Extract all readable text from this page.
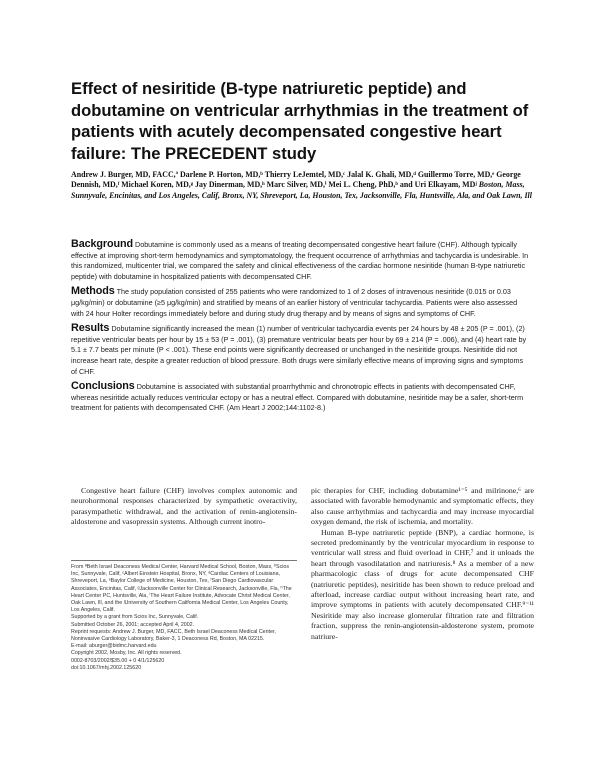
Effect of nesiritide (B-type natriuretic peptide) and dobutamine on ventricular arrhythmias in the treatment of patients with acutely decompensated congestive heart failure: The PRECEDENT study

Andrew J. Burger, MD, FACC,ª Darlene P. Horton, MD,ᵇ Thierry LeJemtel, MD,ᶜ Jalal K. Ghali, MD,ᵈ Guillermo Torre, MD,ᵉ George Dennish, MD,ᶠ Michael Koren, MD,ᵍ Jay Dinerman, MD,ʰ Marc Silver, MD,ⁱ Mei L. Cheng, PhD,ᵇ and Uri Elkayam, MDʲ Boston, Mass, Sunnyvale, Encinitas, and Los Angeles, Calif, Bronx, NY, Shreveport, La, Houston, Tex, Jacksonville, Fla, Huntsville, Ala, and Oak Lawn, Ill

Background Dobutamine is commonly used as a means of treating decompensated congestive heart failure (CHF). Although typically effective at improving short-term hemodynamics and symptomatology, the frequent occurrence of arrhythmias and tachycardia is undesirable. In this randomized, multicenter trial, we compared the safety and clinical effectiveness of the cardiac hormone nesiritide (human B-type natriuretic peptide) with dobutamine in hospitalized patients with decompensated CHF.

Methods The study population consisted of 255 patients who were randomized to 1 of 2 doses of intravenous nesiritide (0.015 or 0.03 μg/kg/min) or dobutamine (≥5 μg/kg/min) and stratified by means of an earlier history of ventricular tachycardia. Patients were also assessed with 24 hour Holter recordings immediately before and during study drug therapy and by means of signs and symptoms of CHF.

Results Dobutamine significantly increased the mean (1) number of ventricular tachycardia events per 24 hours by 48 ± 205 (P = .001), (2) repetitive ventricular beats per hour by 15 ± 53 (P = .001), (3) premature ventricular beats per hour by 69 ± 214 (P = .006), and (4) heart rate by 5.1 ± 7.7 beats per minute (P < .001). These end points were significantly decreased or unchanged in the nesiritide groups. Nesiritide did not increase heart rate, despite a greater reduction of blood pressure. Both drugs were similarly effective means of improving signs and symptoms of CHF.

Conclusions Dobutamine is associated with substantial proarrhythmic and chronotropic effects in patients with decompensated CHF, whereas nesiritide actually reduces ventricular ectopy or has a neutral effect. Compared with dobutamine, nesiritide may be a safer, short-term treatment for patients with decompensated CHF. (Am Heart J 2002;144:1102-8.)

Congestive heart failure (CHF) involves complex autonomic and neurohormonal responses characterized by sympathetic overactivity, parasympathetic withdrawal, and the activation of renin-angiotensin-aldosterone and vasopressin systems. Although current inotro-

From ªBeth Israel Deaconess Medical Center, Harvard Medical School, Boston, Mass, ᵇScios Inc, Sunnyvale, Calif, ᶜAlbert Einstein Hospital, Bronx, NY, ᵈCardiac Centers of Louisiana, Shreveport, La, ᵉBaylor College of Medicine, Houston, Tex, ᶠSan Diego Cardiovascular Associates, Encinitas, Calif, ᵍJacksonville Center for Clinical Research, Jacksonville, Fla, ʰThe Heart Center PC, Huntsville, Ala, ⁱThe Heart Failure Institute, Advocate Christ Medical Center, Oak Lawn, Ill, and the ʲUniversity of Southern California Medical Center, Los Angeles County, Los Angeles, Calif.

Supported by a grant from Scios Inc, Sunnyvale, Calif.

Submitted October 26, 2001; accepted April 4, 2002.

Reprint requests: Andrew J. Burger, MD, FACC, Beth Israel Deaconess Medical Center, Noninvasive Cardiology Laboratory, Baker-3, 1 Deaconess Rd, Boston, MA 02215.

E-mail: aburger@bidmc.harvard.edu

Copyright 2002, Mosby, Inc. All rights reserved.

0002-8703/2002/$35.00 + 0 4/1/125620

doi:10.1067/mhj.2002.125620

pic therapies for CHF, including dobutamine¹⁻⁵ and milrinone,⁶ are associated with favorable hemodynamic and symptomatic effects, they also cause arrhythmias and tachycardia and may increase myocardial oxygen demand, the risk of ischemia, and mortality.

Human B-type natriuretic peptide (BNP), a cardiac hormone, is secreted predominantly by the ventricular myocardium in response to ventricular wall stress and fluid overload in CHF,⁷ and it unloads the heart through vasodilatation and natriuresis.⁸ As a member of a new pharmacologic class of drugs for acute decompensated CHF (natriuretic peptides), nesiritide has been shown to reduce preload and afterload, increase cardiac output without increasing heart rate, and improve symptoms in patients with acutely decompensated CHF.⁹⁻¹¹ Nesiritide may also increase glomerular filtration rate and filtration fraction, suppress the renin-angiotensin-aldosterone system, promote natriure-
